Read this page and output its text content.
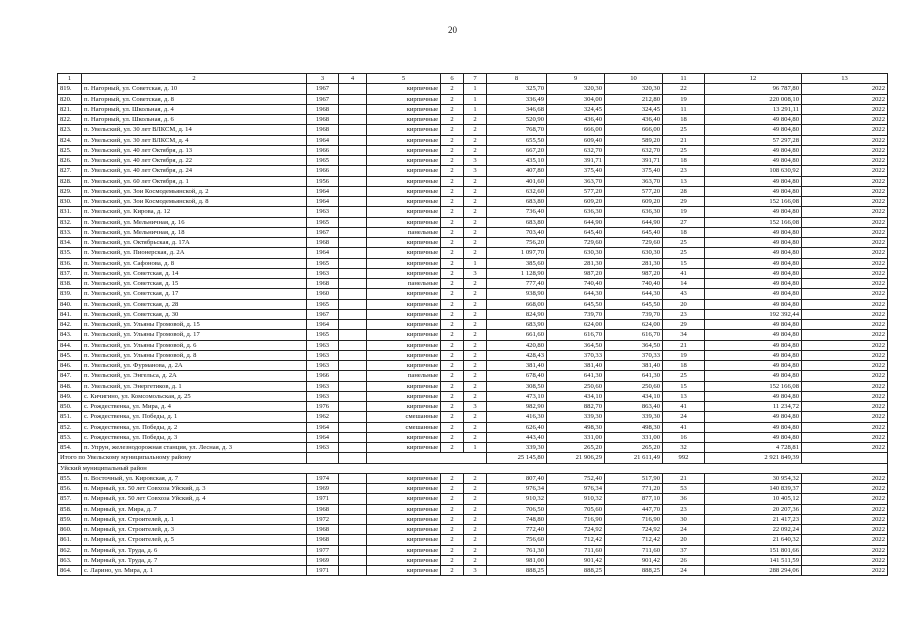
20
1	2	3	4	5	6	7	8	9	10	11	12	13
819.	п. Нагорный, ул. Советская, д. 10	1967		кирпичные	2	1	325,70	320,30	320,30	22	96 787,80	2022
820.	п. Нагорный, ул. Советская, д. 8	1967		кирпичные	2	1	336,49	304,00	212,80	19	220 008,10	2022
821.	п. Нагорный, ул. Школьная, д. 4	1968		кирпичные	2	1	346,68	324,45	324,45	11	13 291,11	2022
822.	п. Нагорный, ул. Школьная, д. 6	1968		кирпичные	2	2	520,90	436,40	436,40	18	49 804,80	2022
823.	п. Увельский, ул. 30 лет ВЛКСМ, д. 14	1968		кирпичные	2	2	768,70	666,00	666,00	25	49 804,80	2022
824.	п. Увельский, ул. 30 лет ВЛКСМ, д. 4	1964		кирпичные	2	2	655,50	609,40	589,20	21	57 297,28	2022
825.	п. Увельский, ул. 40 лет Октября, д. 13	1966		кирпичные	2	2	667,20	632,70	632,70	25	49 804,80	2022
826.	п. Увельский, ул. 40 лет Октября, д. 22	1965		кирпичные	2	3	435,10	391,71	391,71	18	49 804,80	2022
827.	п. Увельский, ул. 40 лет Октября, д. 24	1966		кирпичные	2	3	407,80	375,40	375,40	23	108 630,92	2022
828.	п. Увельский, ул. 60 лет Октября, д. 1	1956		кирпичные	2	2	401,60	363,70	363,70	13	49 804,80	2022
829.	п. Увельский, ул. Зои Космодемьянской, д. 2	1964		кирпичные	2	2	632,60	577,20	577,20	28	49 804,80	2022
830.	п. Увельский, ул. Зои Космодемьянской, д. 8	1964		кирпичные	2	2	683,80	609,20	609,20	29	152 166,08	2022
831.	п. Увельский, ул. Кирова, д. 12	1963		кирпичные	2	2	736,40	636,30	636,30	19	49 804,80	2022
832.	п. Увельский, ул. Мельничная, д. 16	1965		кирпичные	2	2	683,80	644,90	644,90	27	152 166,08	2022
833.	п. Увельский, ул. Мельничная, д. 18	1967		панельные	2	2	703,40	645,40	645,40	18	49 804,80	2022
834.	п. Увельский, ул. Октябрьская, д. 17А	1968		кирпичные	2	2	756,20	729,60	729,60	25	49 804,80	2022
835.	п. Увельский, ул. Пионерская, д. 2А	1964		кирпичные	2	2	1 097,70	630,30	630,30	25	49 804,80	2022
836.	п. Увельский, ул. Сафонова, д. 8	1965		кирпичные	2	1	385,60	281,30	281,30	15	49 804,80	2022
837.	п. Увельский, ул. Советская, д. 14	1963		кирпичные	2	3	1 128,90	987,20	987,20	41	49 804,80	2022
838.	п. Увельский, ул. Советская, д. 15	1968		панельные	2	2	777,40	740,40	740,40	14	49 804,80	2022
839.	п. Увельский, ул. Советская, д. 17	1960		кирпичные	2	2	938,90	644,30	644,30	43	49 804,80	2022
840.	п. Увельский, ул. Советская, д. 28	1965		кирпичные	2	2	668,00	645,50	645,50	20	49 804,80	2022
841.	п. Увельский, ул. Советская, д. 30	1967		кирпичные	2	2	824,90	739,70	739,70	23	192 392,44	2022
842.	п. Увельский, ул. Ульяны Громовой, д. 15	1964		кирпичные	2	2	683,90	624,00	624,00	29	49 804,80	2022
843.	п. Увельский, ул. Ульяны Громовой, д. 17	1965		кирпичные	2	2	661,60	616,70	616,70	34	49 804,80	2022
844.	п. Увельский, ул. Ульяны Громовой, д. 6	1963		кирпичные	2	2	420,80	364,50	364,50	21	49 804,80	2022
845.	п. Увельский, ул. Ульяны Громовой, д. 8	1963		кирпичные	2	2	428,43	370,33	370,33	19	49 804,80	2022
846.	п. Увельский, ул. Фурманова, д. 2А	1963		кирпичные	2	2	381,40	381,40	381,40	18	49 804,80	2022
847.	п. Увельский, ул. Энгельса, д. 2А	1966		панельные	2	2	678,40	641,30	641,30	25	49 804,80	2022
848.	п. Увельский, ул. Энергетиков, д. 1	1963		кирпичные	2	2	308,50	250,60	250,60	15	152 166,08	2022
849.	с. Кичигино, ул. Комсомольская, д. 25	1963		кирпичные	2	2	473,10	434,10	434,10	13	49 804,80	2022
850.	с. Рождественка, ул. Мира, д. 4	1976		кирпичные	2	3	982,90	882,70	863,40	41	11 234,72	2022
851.	с. Рождественка, ул. Победы, д. 1	1962		смешанные	2	2	416,30	339,30	339,30	24	49 804,80	2022
852.	с. Рождественка, ул. Победы, д. 2	1964		смешанные	2	2	626,40	498,30	498,30	41	49 804,80	2022
853.	с. Рождественка, ул. Победы, д. 3	1964		кирпичные	2	2	443,40	331,00	331,00	16	49 804,80	2022
854.	п. Упрун, железнодорожная станция, ул. Лесная, д. 3	1963		кирпичные	2	1	339,30	265,20	265,20	32	4 728,81	2022
Итого по Увельскому муниципальному району							25 145,80	21 906,29	21 611,49	992	2 921 849,39	
Уйский муниципальный район												
855.	п. Восточный, ул. Кировская, д. 7	1974		кирпичные	2	2	807,40	752,40	517,90	21	30 954,32	2022
856.	п. Мирный, ул. 50 лет Совхоза Уйский, д. 3	1969		кирпичные	2	2	976,34	976,34	771,20	53	140 839,37	2022
857.	п. Мирный, ул. 50 лет Совхоза Уйский, д. 4	1971		кирпичные	2	2	910,32	910,32	877,10	36	10 405,12	2022
858.	п. Мирный, ул. Мира, д. 7	1968		кирпичные	2	2	706,50	705,60	447,70	23	20 207,36	2022
859.	п. Мирный, ул. Строителей, д. 1	1972		кирпичные	2	2	748,80	716,90	716,90	30	21 417,23	2022
860.	п. Мирный, ул. Строителей, д. 3	1968		кирпичные	2	2	772,40	724,92	724,92	24	22 092,24	2022
861.	п. Мирный, ул. Строителей, д. 5	1968		кирпичные	2	2	756,60	712,42	712,42	20	21 640,32	2022
862.	п. Мирный, ул. Труда, д. 6	1977		кирпичные	2	2	761,30	711,60	711,60	37	151 801,66	2022
863.	п. Мирный, ул. Труда, д. 7	1969		кирпичные	2	2	981,00	901,42	901,42	26	141 511,59	2022
864.	с. Ларино, ул. Мира, д. 1	1971		кирпичные	2	3	888,25	888,25	888,25	24	288 294,06	2022
